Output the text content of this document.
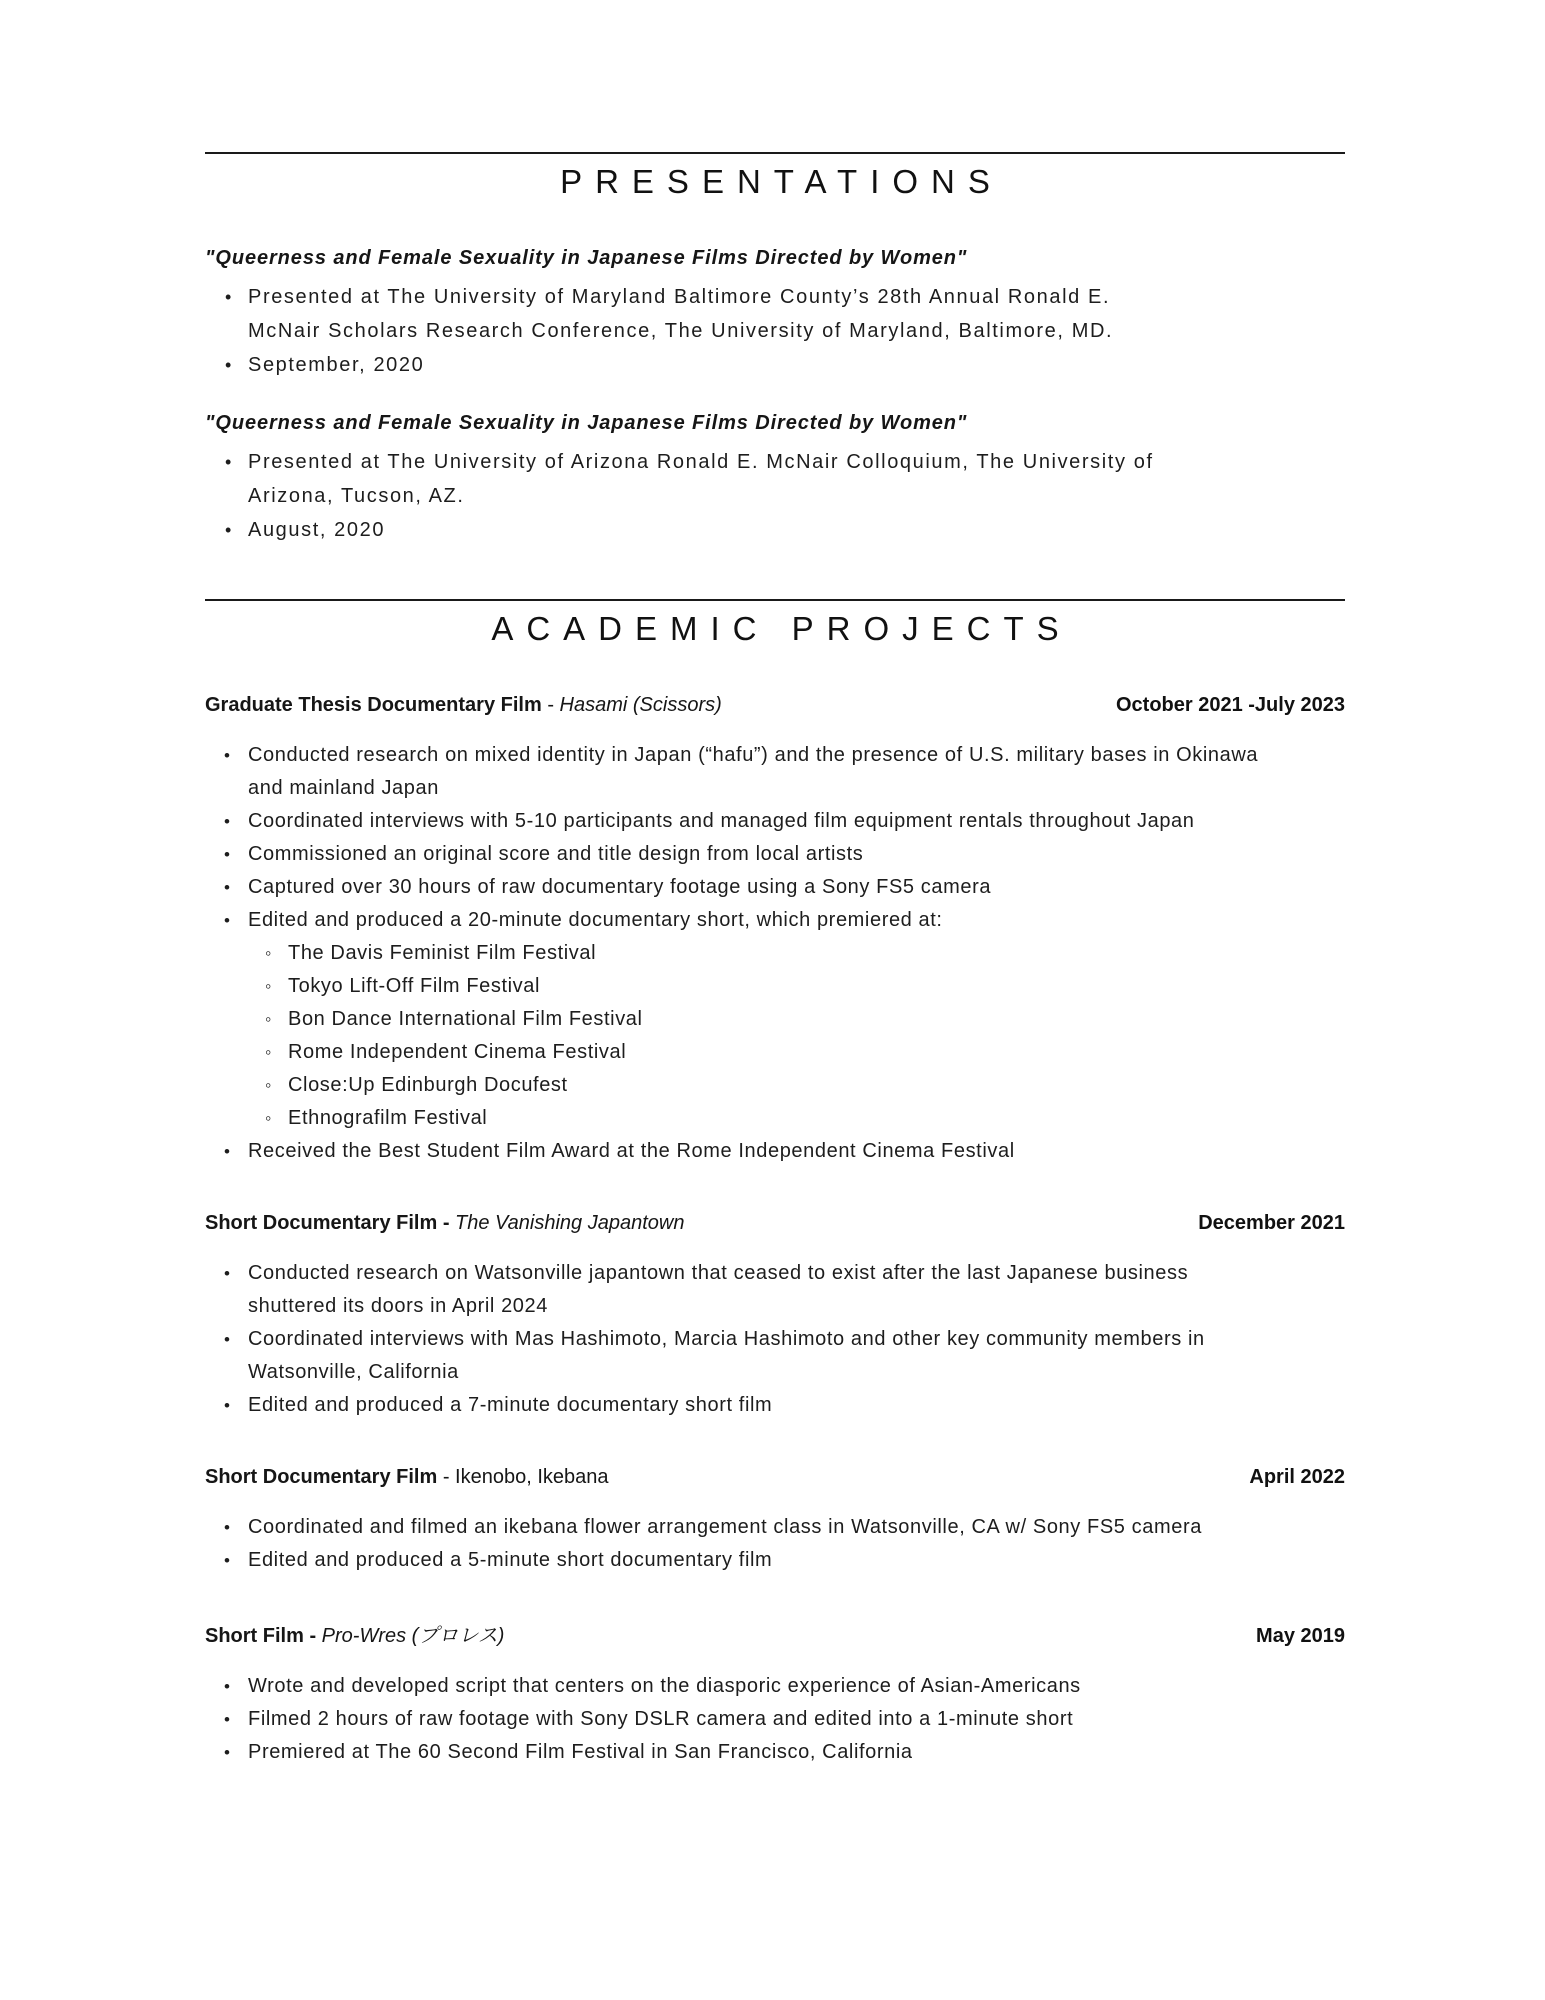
PRESENTATIONS
"Queerness and Female Sexuality in Japanese Films Directed by Women"
• Presented at The University of Maryland Baltimore County’s 28th Annual Ronald E. McNair Scholars Research Conference, The University of Maryland, Baltimore, MD.
• September, 2020
"Queerness and Female Sexuality in Japanese Films Directed by Women"
• Presented at The University of Arizona Ronald E. McNair Colloquium, The University of Arizona, Tucson, AZ.
• August, 2020
ACADEMIC PROJECTS
Graduate Thesis Documentary Film - Hasami (Scissors)	October 2021 -July 2023
• Conducted research on mixed identity in Japan (“hafu”) and the presence of U.S. military bases in Okinawa and mainland Japan
• Coordinated interviews with 5-10 participants and managed film equipment rentals throughout Japan
• Commissioned an original score and title design from local artists
• Captured over 30 hours of raw documentary footage using a Sony FS5 camera
• Edited and produced a 20-minute documentary short, which premiered at:
◦ The Davis Feminist Film Festival
◦ Tokyo Lift-Off Film Festival
◦ Bon Dance International Film Festival
◦ Rome Independent Cinema Festival
◦ Close:Up Edinburgh Docufest
◦ Ethnografilm Festival
• Received the Best Student Film Award at the Rome Independent Cinema Festival
Short Documentary Film - The Vanishing Japantown	December 2021
• Conducted research on Watsonville japantown that ceased to exist after the last Japanese business shuttered its doors in April 2024
• Coordinated interviews with Mas Hashimoto, Marcia Hashimoto and other key community members in Watsonville, California
• Edited and produced a 7-minute documentary short film
Short Documentary Film - Ikenobo, Ikebana	April 2022
• Coordinated and filmed an ikebana flower arrangement class in Watsonville, CA w/ Sony FS5 camera
• Edited and produced a 5-minute short documentary film
Short Film - Pro-Wres (プロレス)	May 2019
• Wrote and developed script that centers on the diasporic experience of Asian-Americans
• Filmed 2 hours of raw footage with Sony DSLR camera and edited into a 1-minute short
• Premiered at The 60 Second Film Festival in San Francisco, California
